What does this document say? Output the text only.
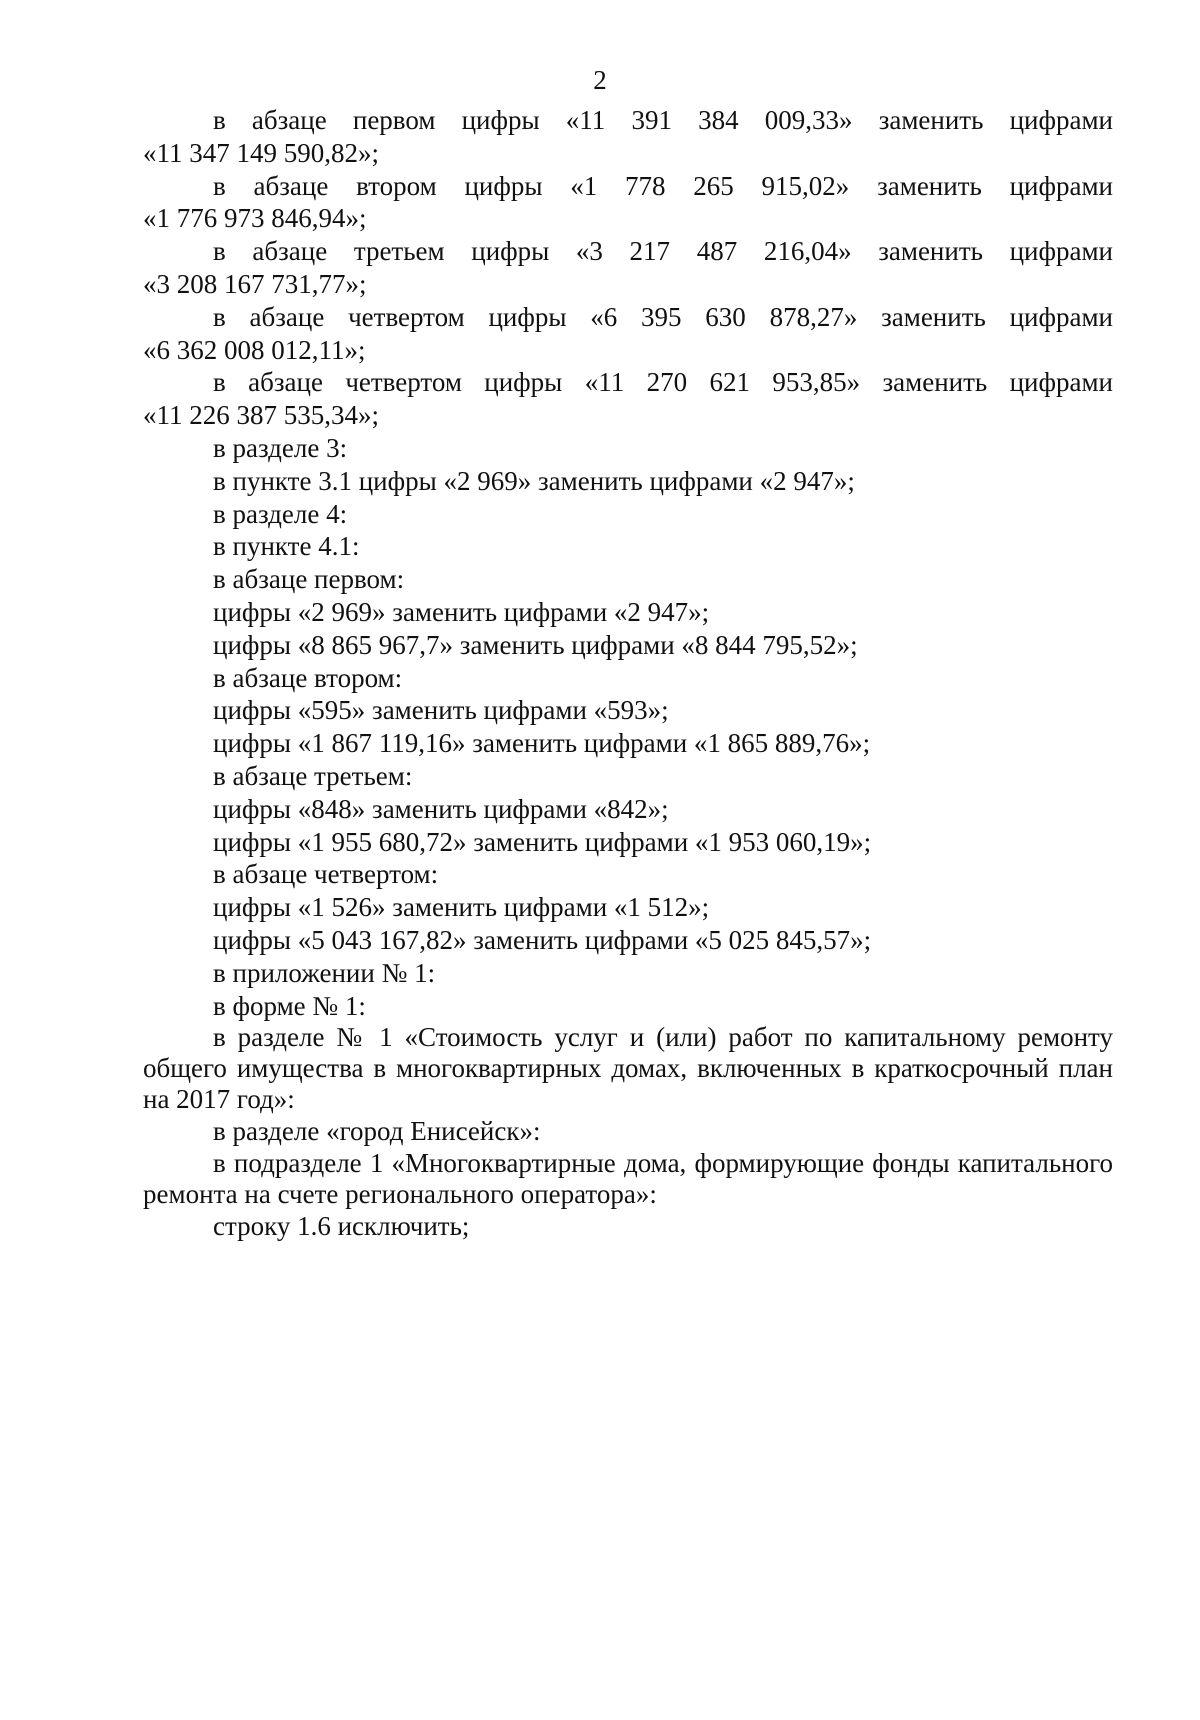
2

в абзаце первом цифры «11 391 384 009,33» заменить цифрами

«11 347 149 590,82»;

в абзаце втором цифры «1 778 265 915,02» заменить цифрами

«1 776 973 846,94»;

в абзаце третьем цифры «3 217 487 216,04» заменить цифрами

«3 208 167 731,77»;

в абзаце четвертом цифры «6 395 630 878,27» заменить цифрами

«6 362 008 012,11»;

в абзаце четвертом цифры «11 270 621 953,85» заменить цифрами

«11 226 387 535,34»;

в разделе 3:

в пункте 3.1 цифры «2 969» заменить цифрами «2 947»;

в разделе 4:

в пункте 4.1:

в абзаце первом:

цифры «2 969» заменить цифрами «2 947»;

цифры «8 865 967,7» заменить цифрами «8 844 795,52»;

в абзаце втором:

цифры «595» заменить цифрами «593»;

цифры «1 867 119,16» заменить цифрами «1 865 889,76»;

в абзаце третьем:

цифры «848» заменить цифрами «842»;

цифры «1 955 680,72» заменить цифрами «1 953 060,19»;

в абзаце четвертом:

цифры «1 526» заменить цифрами «1 512»;

цифры «5 043 167,82» заменить цифрами «5 025 845,57»;

в приложении № 1:

в форме № 1:

в разделе № 1 «Стоимость услуг и (или) работ по капитальному ремонту общего имущества в многоквартирных домах, включенных в краткосрочный план на 2017 год»:

в разделе «город Енисейск»:

в подразделе 1 «Многоквартирные дома, формирующие фонды капитального ремонта на счете регионального оператора»:

строку 1.6 исключить;
